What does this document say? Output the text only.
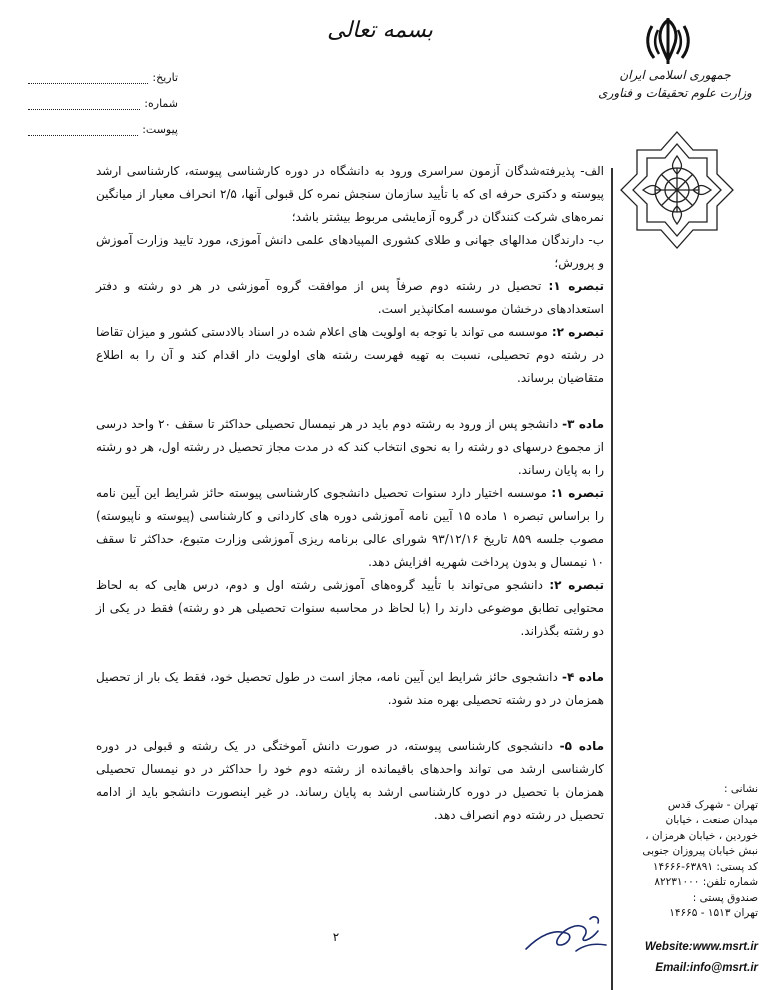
بسمه تعالی
تاریخ:
شماره:
پیوست:
جمهوری اسلامی ایران
وزارت علوم تحقیقات و فناوری

الف- پذیرفته‌شدگان آزمون سراسری ورود به دانشگاه در دوره کارشناسی پیوسته، کارشناسی ارشد پیوسته و دکتری حرفه ای که با تأیید سازمان سنجش نمره کل قبولی آنها، ۲/۵ انحراف معیار از میانگین نمره‌های شرکت کنندگان در گروه آزمایشی مربوط بیشتر باشد؛

ب- دارندگان مدالهای جهانی و طلای کشوری المپیادهای علمی دانش آموزی، مورد تایید وزارت آموزش و پرورش؛

تبصره ۱: تحصیل در رشته دوم صرفاً پس از موافقت گروه آموزشی در هر دو رشته و دفتر استعدادهای درخشان موسسه امکانپذیر است.

تبصره ۲: موسسه می تواند با توجه به اولویت های اعلام شده در اسناد بالادستی کشور و میزان تقاضا در رشته دوم تحصیلی، نسبت به تهیه فهرست رشته های اولویت دار اقدام کند و آن را به اطلاع متقاضیان برساند.

ماده ۳- دانشجو پس از ورود به رشته دوم باید در هر نیمسال تحصیلی حداکثر تا سقف ۲۰ واحد درسی از مجموع درسهای دو رشته را به نحوی انتخاب کند که در مدت مجاز تحصیل در رشته اول، هر دو رشته را به پایان رساند.

تبصره ۱: موسسه اختیار دارد سنوات تحصیل دانشجوی کارشناسی پیوسته حائز شرایط این آیین نامه را براساس تبصره ۱ ماده ۱۵ آیین نامه آموزشی دوره های کاردانی و کارشناسی (پیوسته و ناپیوسته) مصوب جلسه ۸۵۹ تاریخ ۹۳/۱۲/۱۶ شورای عالی برنامه ریزی آموزشی وزارت متبوع، حداکثر تا سقف ۱۰ نیمسال و بدون پرداخت شهریه افزایش دهد.

تبصره ۲: دانشجو می‌تواند با تأیید گروه‌های آموزشی رشته اول و دوم، درس هایی که به لحاظ محتوایی تطابق موضوعی دارند را (با لحاظ در محاسبه سنوات تحصیلی هر دو رشته) فقط در یکی از دو رشته بگذراند.

ماده ۴- دانشجوی حائز شرایط این آیین نامه، مجاز است در طول تحصیل خود، فقط یک بار از تحصیل همزمان در دو رشته تحصیلی بهره مند شود.

ماده ۵- دانشجوی کارشناسی پیوسته، در صورت دانش آموختگی در یک رشته و قبولی در دوره کارشناسی ارشد می تواند واحدهای باقیمانده از رشته دوم خود را حداکثر در دو نیمسال تحصیلی همزمان با تحصیل در دوره کارشناسی ارشد به پایان رساند. در غیر اینصورت دانشجو باید از ادامه تحصیل در رشته دوم انصراف دهد.

۲
نشانی :
تهران - شهرک قدس
میدان صنعت ، خیابان
خوردین ، خیابان هرمزان ،
نبش خیابان پیروزان جنوبی
کد پستی: ۶۳۸۹۱-۱۴۶۶۶
شماره تلفن: ۸۲۲۳۱۰۰۰
صندوق پستی :
تهران ۱۵۱۳ - ۱۴۶۶۵
Website:www.msrt.ir
Email:info@msrt.ir
